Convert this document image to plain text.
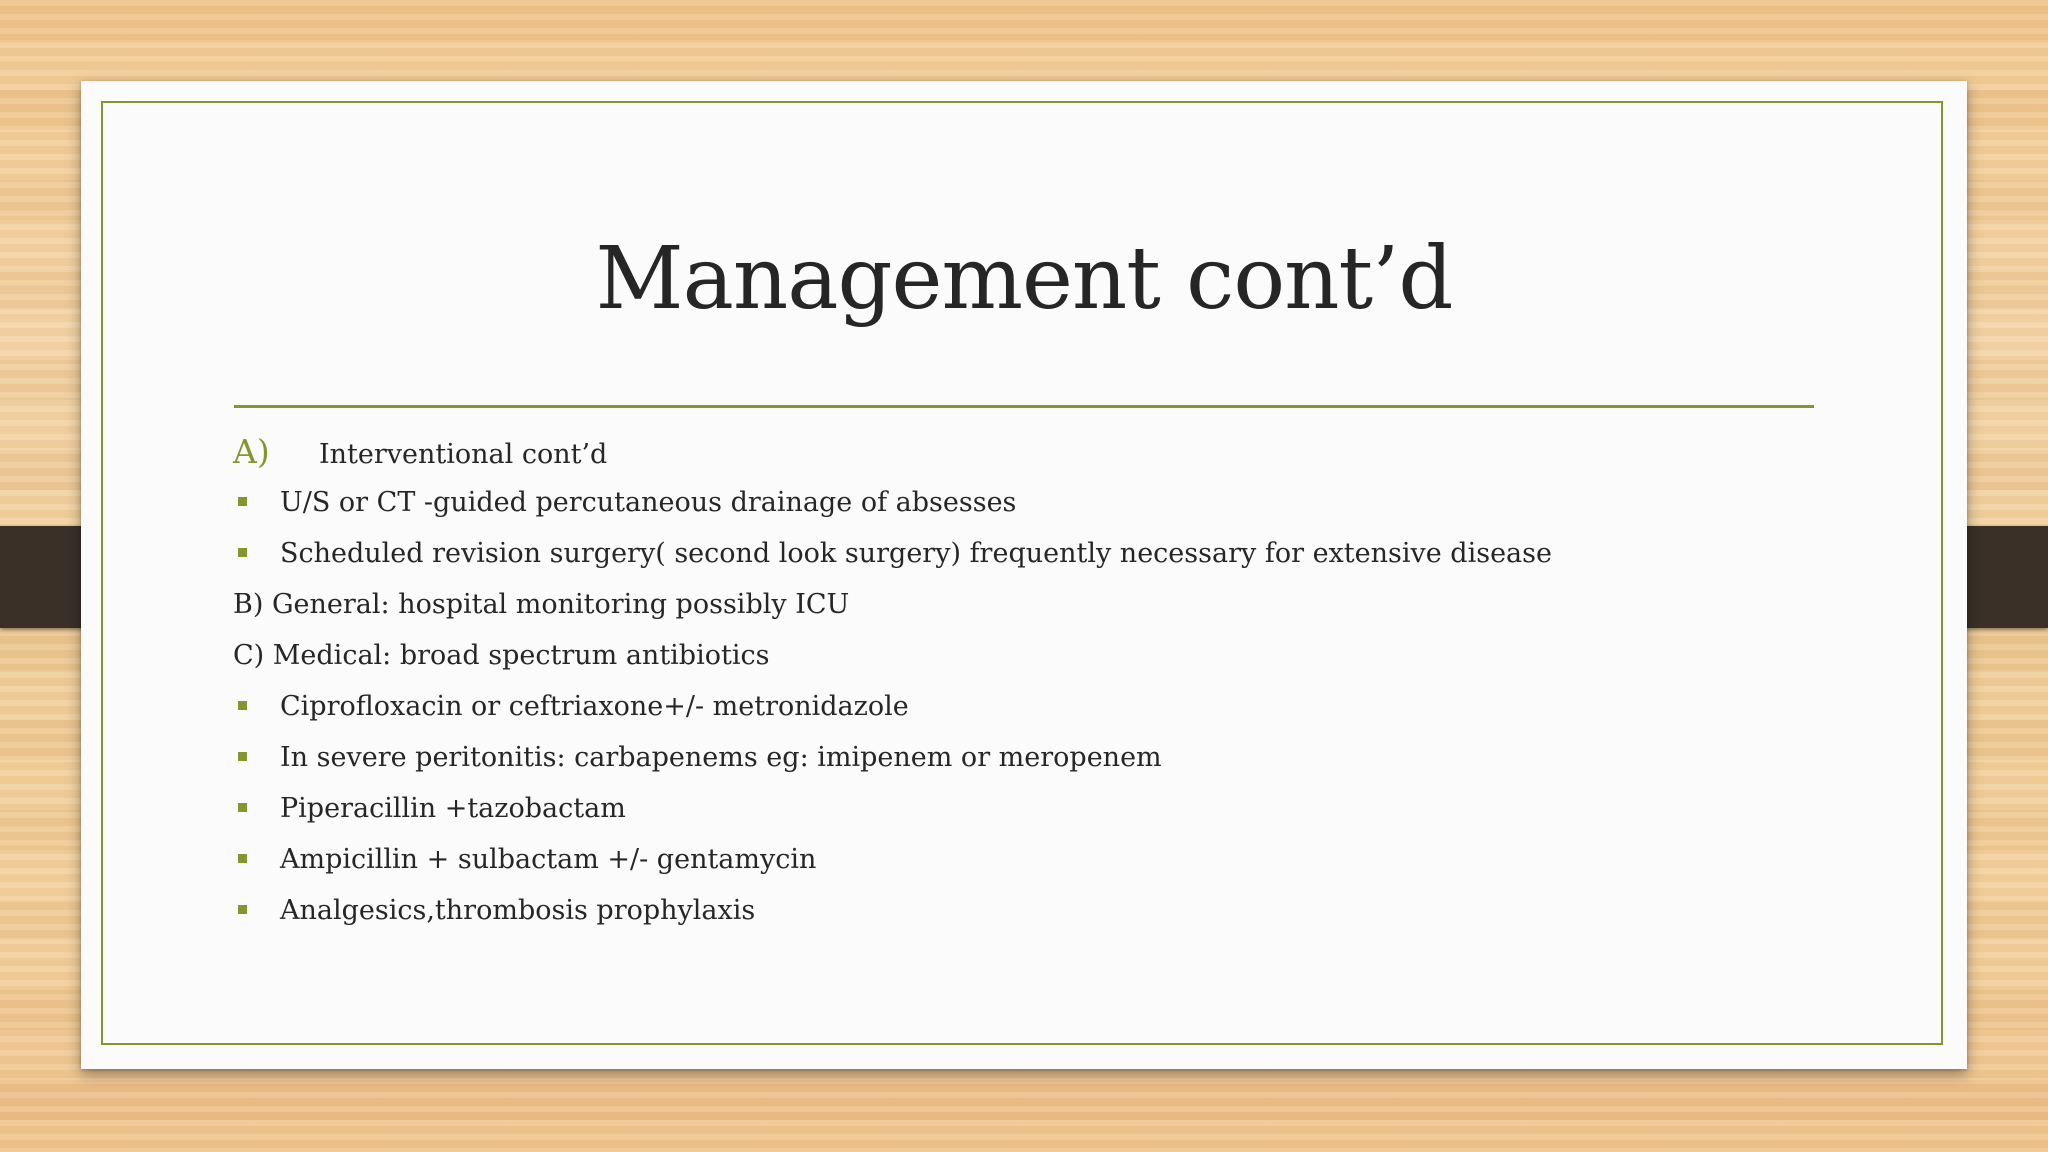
Management cont’d
A) Interventional cont’d
U/S or CT -guided percutaneous drainage of absesses
Scheduled revision surgery( second look surgery) frequently necessary for extensive disease
B) General: hospital monitoring possibly ICU
C) Medical: broad spectrum antibiotics
Ciprofloxacin or ceftriaxone+/- metronidazole
In severe peritonitis: carbapenems eg: imipenem or meropenem
Piperacillin +tazobactam
Ampicillin + sulbactam +/- gentamycin
Analgesics,thrombosis prophylaxis
